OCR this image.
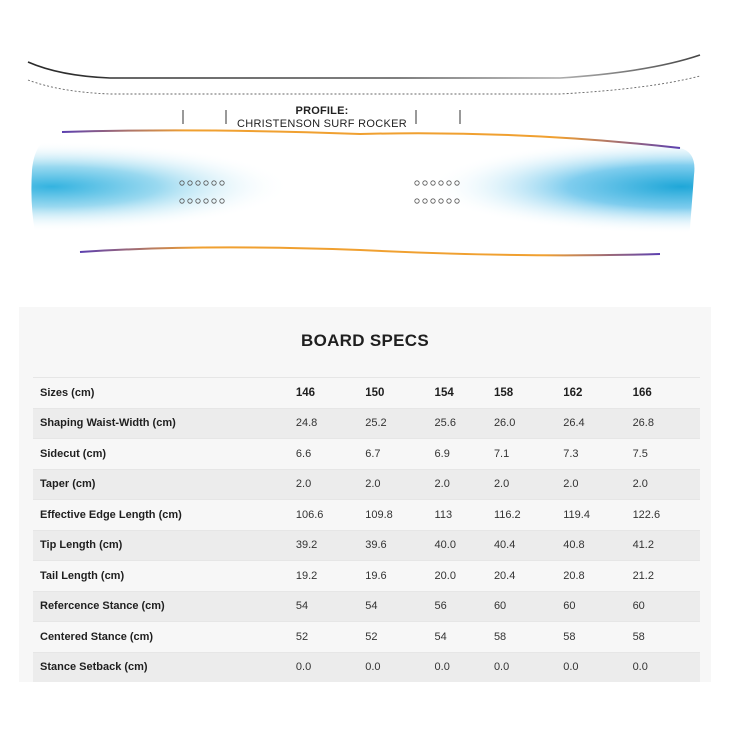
PROFILE:
CHRISTENSON SURF ROCKER
BOARD SPECS
Sizes (cm)	146	150	154	158	162	166
Shaping Waist-Width (cm)	24.8	25.2	25.6	26.0	26.4	26.8
Sidecut (cm)	6.6	6.7	6.9	7.1	7.3	7.5
Taper (cm)	2.0	2.0	2.0	2.0	2.0	2.0
Effective Edge Length (cm)	106.6	109.8	113	116.2	119.4	122.6
Tip Length (cm)	39.2	39.6	40.0	40.4	40.8	41.2
Tail Length (cm)	19.2	19.6	20.0	20.4	20.8	21.2
Refercence Stance (cm)	54	54	56	60	60	60
Centered Stance (cm)	52	52	54	58	58	58
Stance Setback (cm)	0.0	0.0	0.0	0.0	0.0	0.0
